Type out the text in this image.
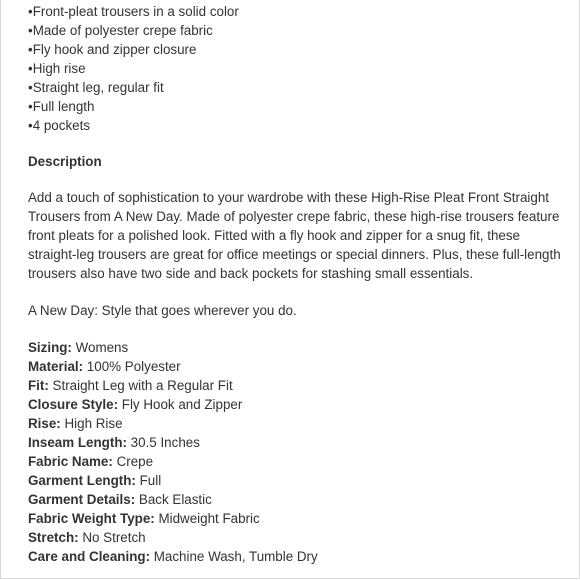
•Front-pleat trousers in a solid color
•Made of polyester crepe fabric
•Fly hook and zipper closure
•High rise
•Straight leg, regular fit
•Full length
•4 pockets
Description

Add a touch of sophistication to your wardrobe with these High-Rise Pleat Front Straight

Trousers from A New Day. Made of polyester crepe fabric, these high-rise trousers feature

front pleats for a polished look. Fitted with a fly hook and zipper for a snug fit, these

straight-leg trousers are great for office meetings or special dinners. Plus, these full-length

trousers also have two side and back pockets for stashing small essentials.

A New Day: Style that goes wherever you do.
Sizing: Womens
Material: 100% Polyester
Fit: Straight Leg with a Regular Fit
Closure Style: Fly Hook and Zipper
Rise: High Rise
Inseam Length: 30.5 Inches
Fabric Name: Crepe
Garment Length: Full
Garment Details: Back Elastic
Fabric Weight Type: Midweight Fabric
Stretch: No Stretch
Care and Cleaning: Machine Wash, Tumble Dry
